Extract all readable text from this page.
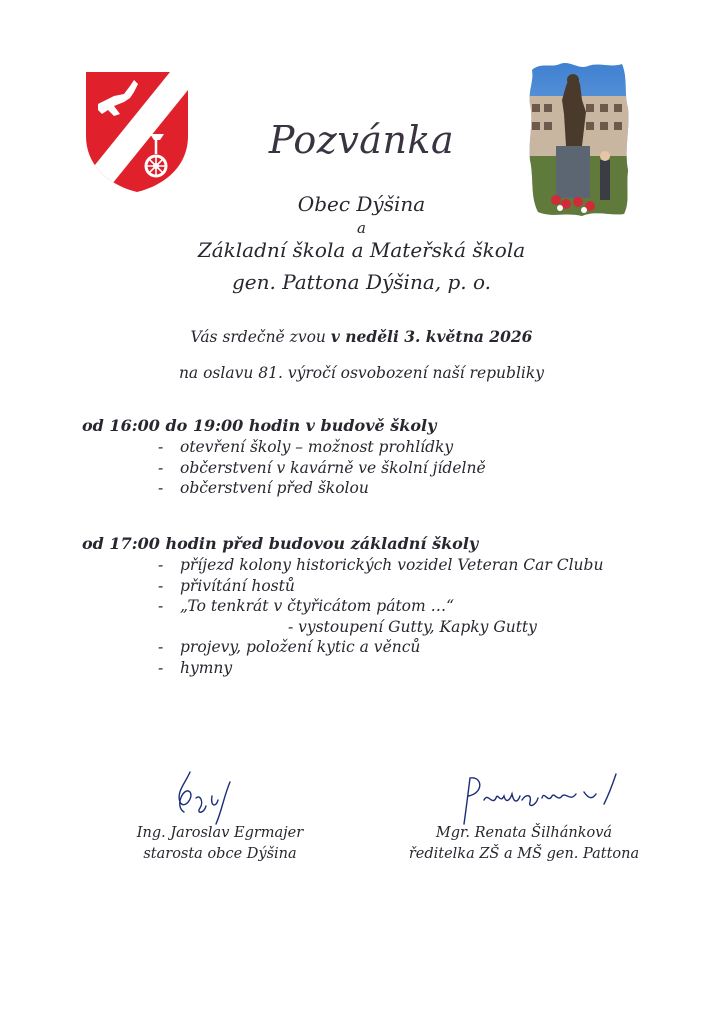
Pozvánka
Obec Dýšina
a
Základní škola a Mateřská škola
gen. Pattona Dýšina, p. o.
Vás srdečně zvou v neděli 3. května 2026
na oslavu 81. výročí osvobození naší republiky
od 16:00 do 19:00 hodin v budově školy
- otevření školy – možnost prohlídky
- občerstvení v kavárně ve školní jídelně
- občerstvení před školou
od 17:00 hodin před budovou základní školy
- příjezd kolony historických vozidel Veteran Car Clubu
- přivítání hostů
- „To tenkrát v čtyřicátom pátom …“
- vystoupení Gutty, Kapky Gutty
- projevy, položení kytic a věnců
- hymny
Ing. Jaroslav Egrmajer
starosta obce Dýšina
Mgr. Renata Šilhánková
ředitelka ZŠ a MŠ gen. Pattona
